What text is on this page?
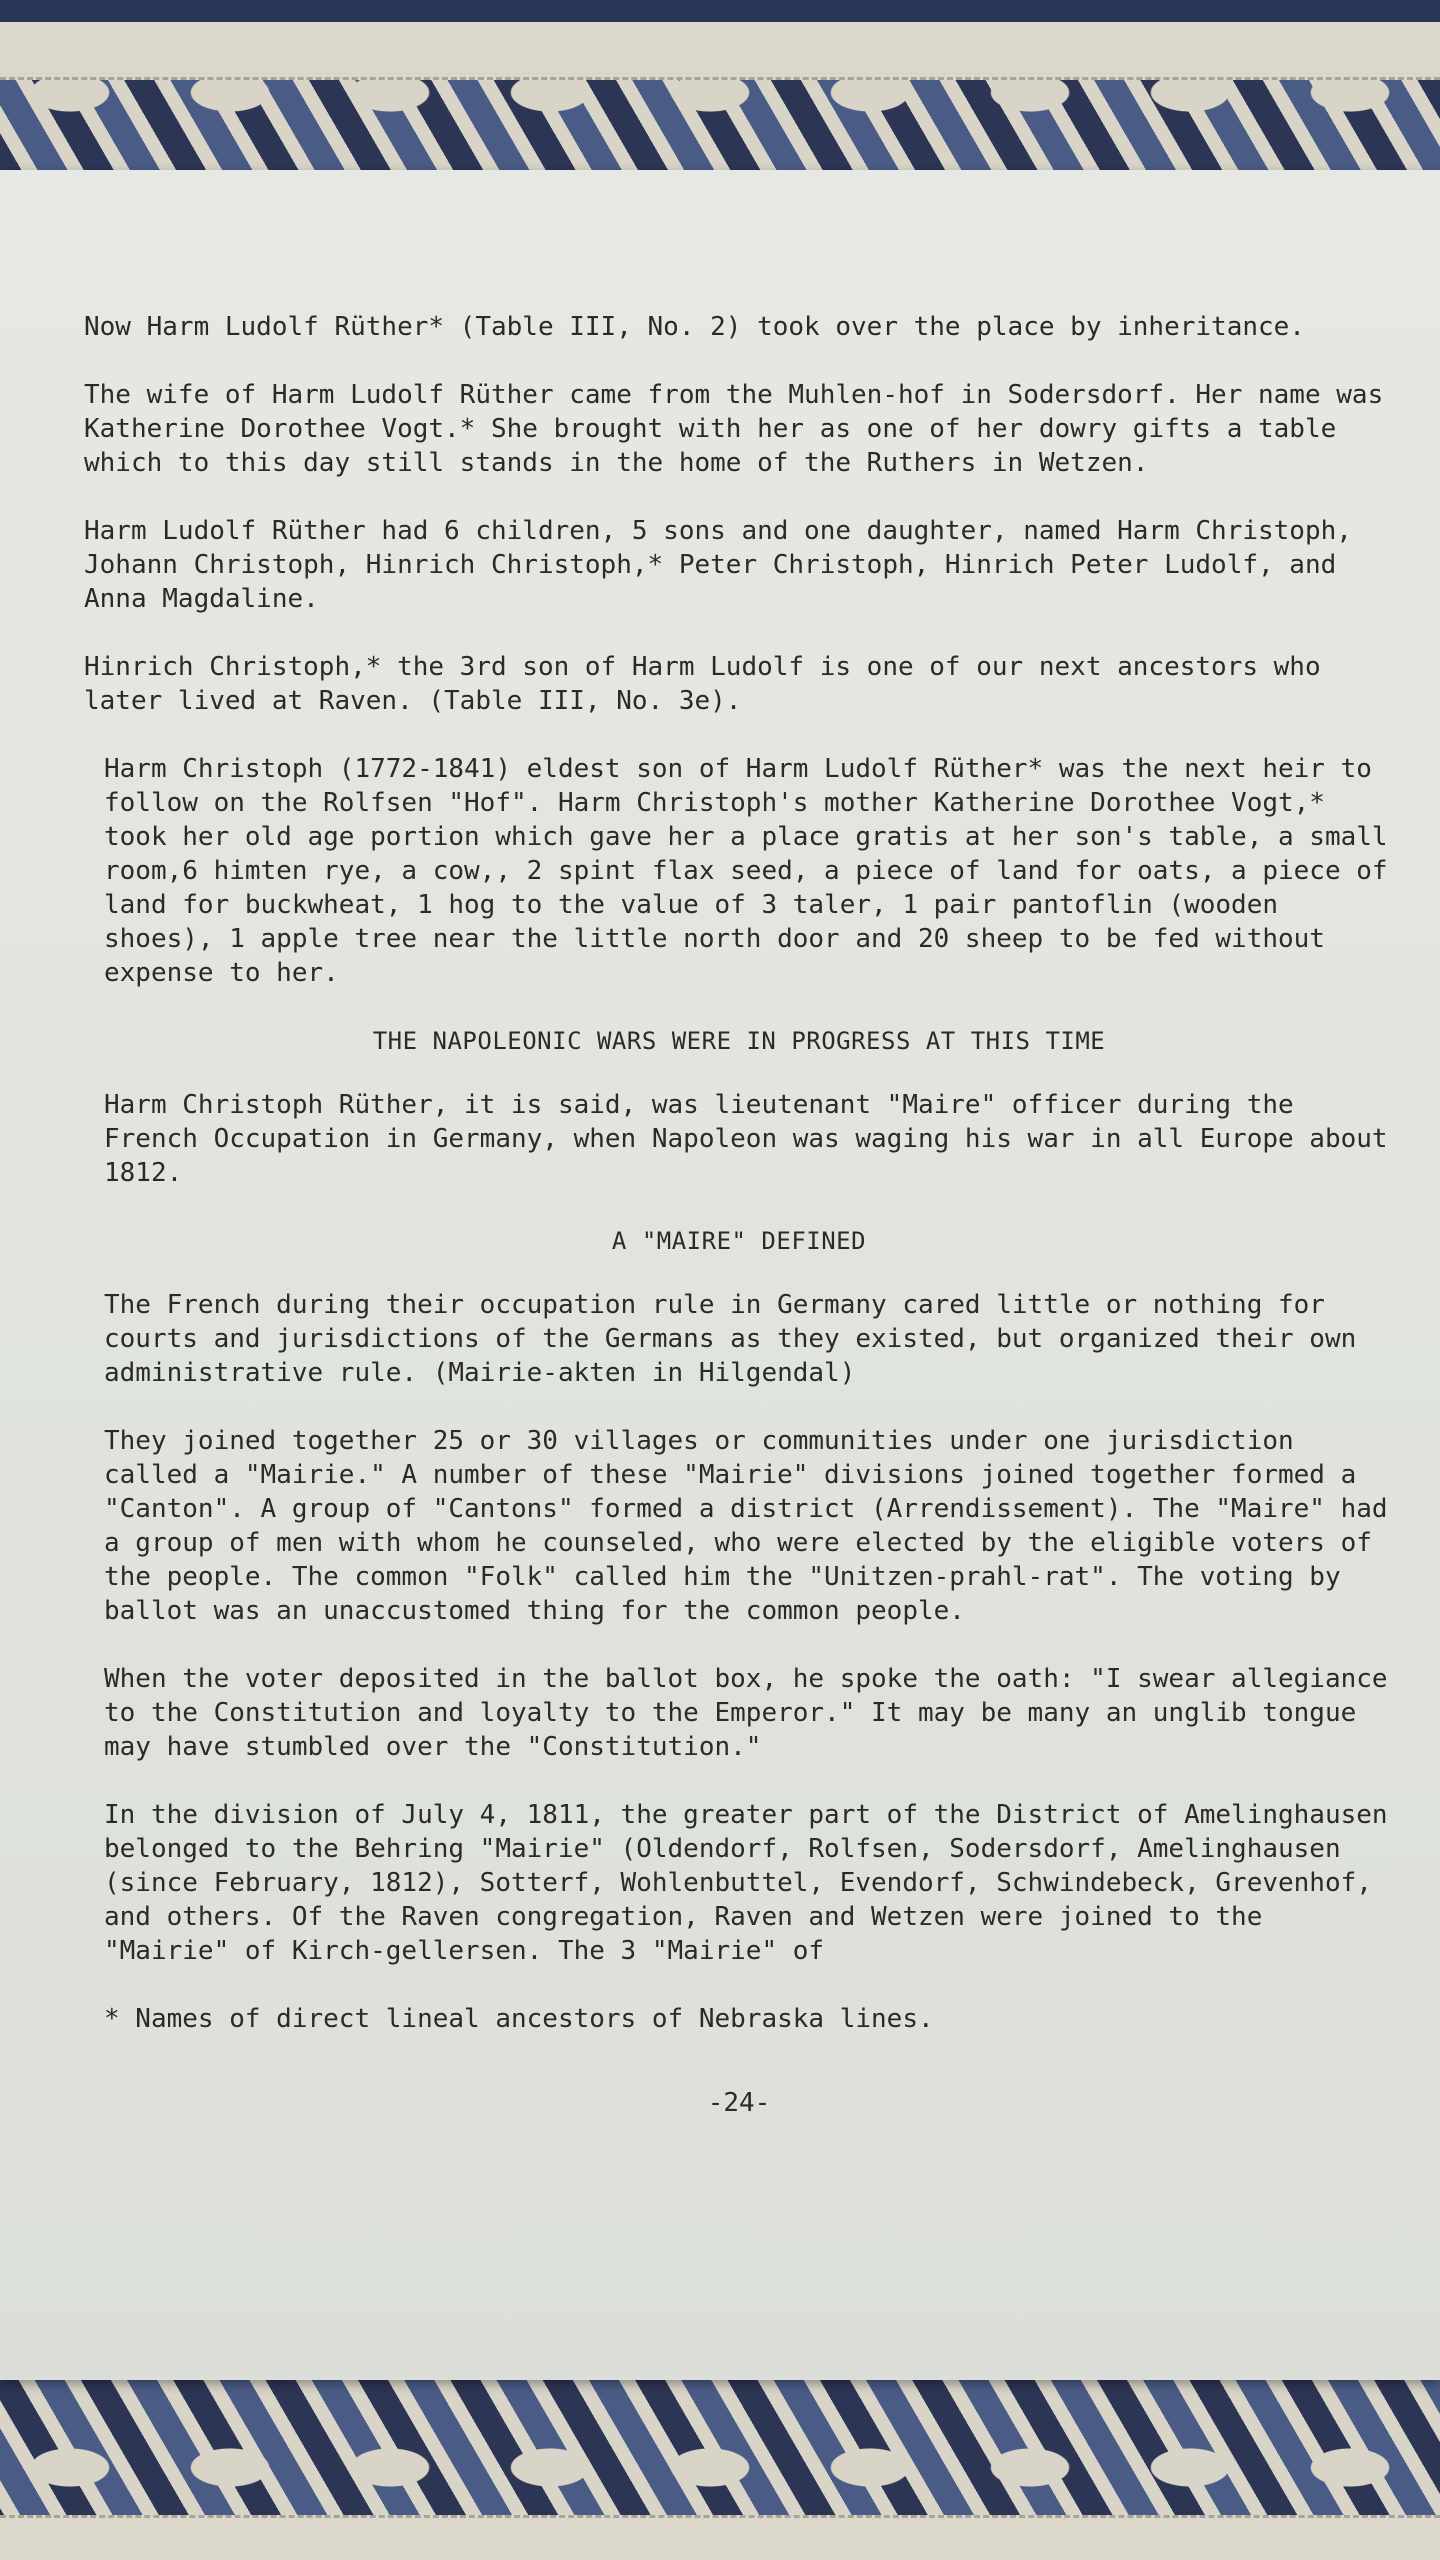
Now Harm Ludolf Rüther* (Table III, No. 2) took over the place by inheritance.

The wife of Harm Ludolf Rüther came from the Muhlen-hof in Sodersdorf. Her name was Katherine Dorothee Vogt.* She brought with her as one of her dowry gifts a table which to this day still stands in the home of the Ruthers in Wetzen.

Harm Ludolf Rüther had 6 children, 5 sons and one daughter, named Harm Christoph, Johann Christoph, Hinrich Christoph,* Peter Christoph, Hinrich Peter Ludolf, and Anna Magdaline.

Hinrich Christoph,* the 3rd son of Harm Ludolf is one of our next ancestors who later lived at Raven. (Table III, No. 3e).

Harm Christoph (1772-1841) eldest son of Harm Ludolf Rüther* was the next heir to follow on the Rolfsen "Hof". Harm Christoph's mother Katherine Dorothee Vogt,* took her old age portion which gave her a place gratis at her son's table, a small room,6 himten rye, a cow,, 2 spint flax seed, a piece of land for oats, a piece of land for buckwheat, 1 hog to the value of 3 taler, 1 pair pantoflin (wooden shoes), 1 apple tree near the little north door and 20 sheep to be fed without expense to her.

THE NAPOLEONIC WARS WERE IN PROGRESS AT THIS TIME

Harm Christoph Rüther, it is said, was lieutenant "Maire" officer during the French Occupation in Germany, when Napoleon was waging his war in all Europe about 1812.

A "MAIRE" DEFINED

The French during their occupation rule in Germany cared little or nothing for courts and jurisdictions of the Germans as they existed, but organized their own administrative rule. (Mairie-akten in Hilgendal)

They joined together 25 or 30 villages or communities under one jurisdiction called a "Mairie." A number of these "Mairie" divisions joined together formed a "Canton". A group of "Cantons" formed a district (Arrendissement). The "Maire" had a group of men with whom he counseled, who were elected by the eligible voters of the people. The common "Folk" called him the "Unitzen-prahl-rat". The voting by ballot was an unaccustomed thing for the common people.

When the voter deposited in the ballot box, he spoke the oath: "I swear allegiance to the Constitution and loyalty to the Emperor." It may be many an unglib tongue may have stumbled over the "Constitution."

In the division of July 4, 1811, the greater part of the District of Amelinghausen belonged to the Behring "Mairie" (Oldendorf, Rolfsen, Sodersdorf, Amelinghausen (since February, 1812), Sotterf, Wohlenbuttel, Evendorf, Schwindebeck, Grevenhof, and others. Of the Raven congregation, Raven and Wetzen were joined to the "Mairie" of Kirch-gellersen. The 3 "Mairie" of

* Names of direct lineal ancestors of Nebraska lines.
-24-
